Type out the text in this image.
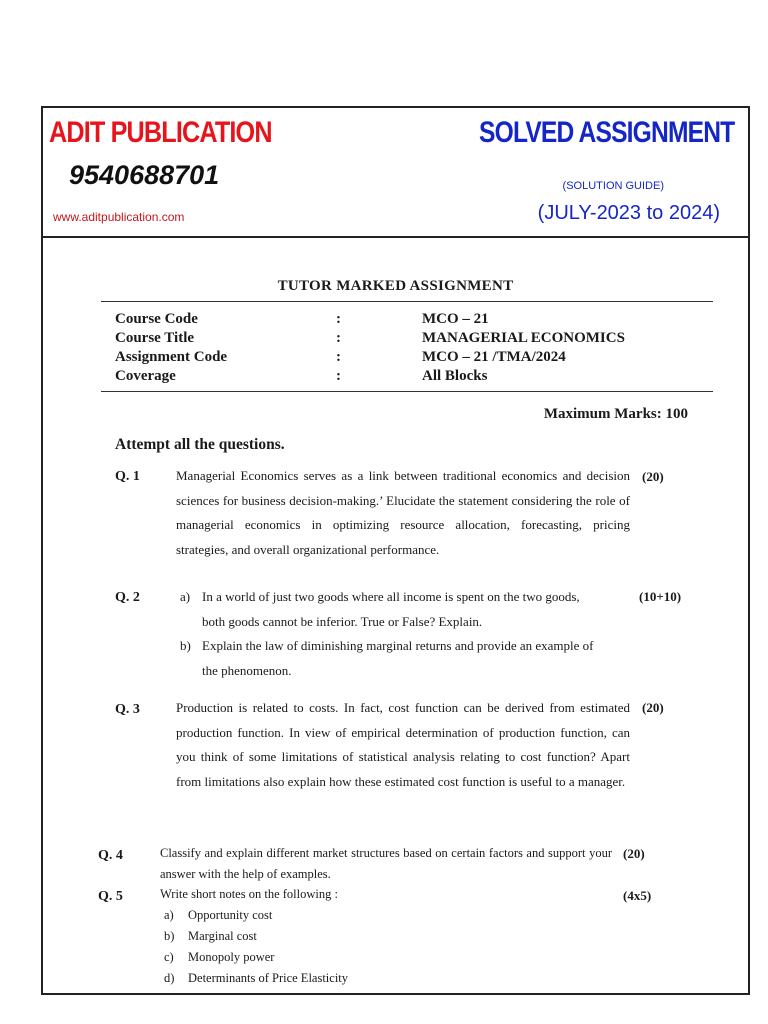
ADIT PUBLICATION
9540688701
www.aditpublication.com
SOLVED ASSIGNMENT
(SOLUTION GUIDE)
(JULY-2023 to 2024)
TUTOR MARKED ASSIGNMENT
Course Code	:	MCO – 21
Course Title	:	MANAGERIAL ECONOMICS
Assignment Code	:	MCO – 21 /TMA/2024
Coverage	:	All Blocks
Maximum Marks: 100
Attempt all the questions.
Q. 1	Managerial Economics serves as a link between traditional economics and decision sciences for business decision-making.’ Elucidate the statement considering the role of managerial economics in optimizing resource allocation, forecasting, pricing strategies, and overall organizational performance.
(20)
Q. 2	a) In a world of just two goods where all income is spent on the two goods, both goods cannot be inferior. True or False? Explain.
b) Explain the law of diminishing marginal returns and provide an example of the phenomenon.
(10+10)
Q. 3	Production is related to costs. In fact, cost function can be derived from estimated production function. In view of empirical determination of production function, can you think of some limitations of statistical analysis relating to cost function? Apart from limitations also explain how these estimated cost function is useful to a manager.
(20)
Q. 4	Classify and explain different market structures based on certain factors and support your answer with the help of examples.
(20)
Q. 5	Write short notes on the following :
a)	Opportunity cost
b)	Marginal cost
c)	Monopoly power
d)	Determinants of Price Elasticity
(4x5)
